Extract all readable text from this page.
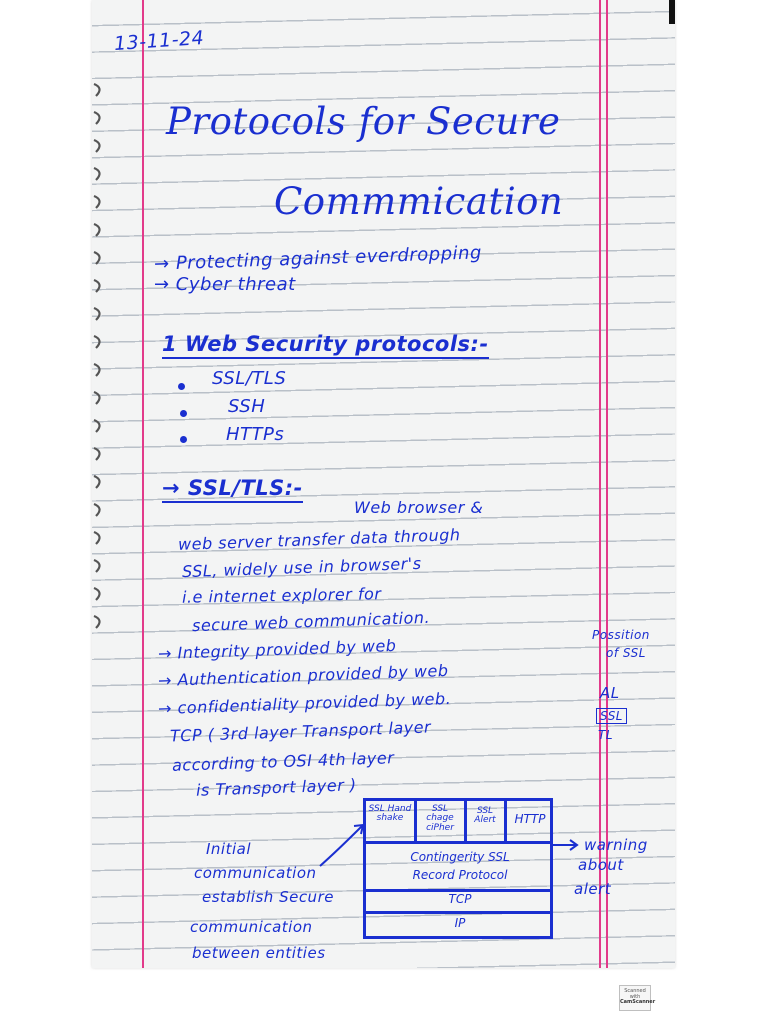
13-11-24
Protocols for Secure
Commmication
→ Protecting against everdropping
→ Cyber threat
1 Web Security protocols:-
SSL/TLS
SSH
HTTPs
→ SSL/TLS:-
Web browser &
web server transfer data through
SSL, widely use in browser's
i.e internet explorer for
secure web communication.
→ Integrity provided by web
→ Authentication provided by web
→ confidentiality provided by web.
TCP ( 3rd layer Transport layer
according to OSI 4th layer
is Transport layer )
Possition
of SSL
AL
SSL
TL
SSL Hand shake
SSL chage ciPher
SSL Alert	HTTP
Contingerity SSL
Record Protocol
TCP
IP
Initial
communication
establish Secure
communication
between entities
warning
about
alert
Scanned with
CamScanner
